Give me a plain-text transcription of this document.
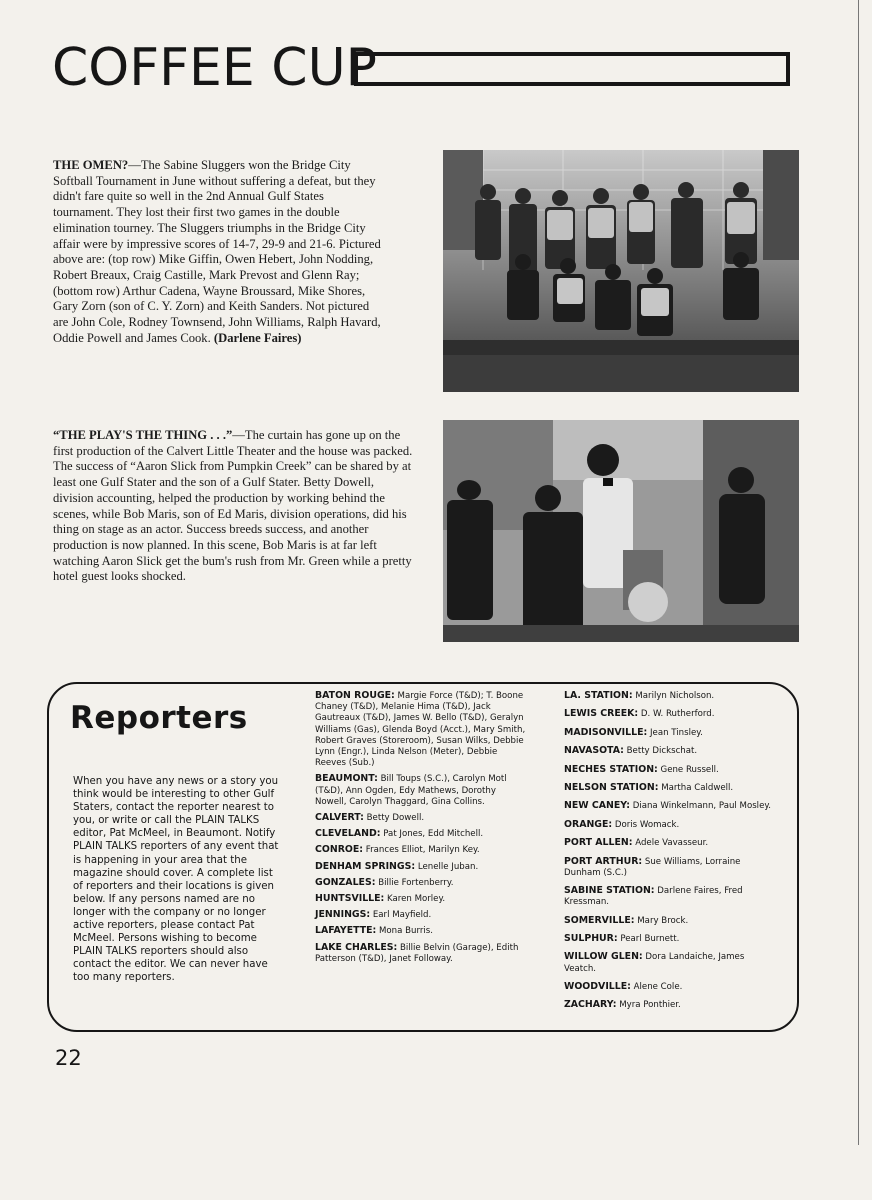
COFFEE CUP

THE OMEN?—The Sabine Sluggers won the Bridge City Softball Tournament in June without suffering a defeat, but they didn't fare quite so well in the 2nd Annual Gulf States tournament. They lost their first two games in the double elimination tourney. The Sluggers triumphs in the Bridge City affair were by impressive scores of 14-7, 29-9 and 21-6. Pictured above are: (top row) Mike Giffin, Owen Hebert, John Nodding, Robert Breaux, Craig Castille, Mark Prevost and Glenn Ray; (bottom row) Arthur Cadena, Wayne Broussard, Mike Shores, Gary Zorn (son of C. Y. Zorn) and Keith Sanders. Not pictured are John Cole, Rodney Townsend, John Williams, Ralph Havard, Oddie Powell and James Cook. (Darlene Faires)

“THE PLAY'S THE THING . . .”—The curtain has gone up on the first production of the Calvert Little Theater and the house was packed. The success of “Aaron Slick from Pumpkin Creek” can be shared by at least one Gulf Stater and the son of a Gulf Stater. Betty Dowell, division accounting, helped the production by working behind the scenes, while Bob Maris, son of Ed Maris, division operations, did his thing on stage as an actor. Success breeds success, and another production is now planned. In this scene, Bob Maris is at far left watching Aaron Slick get the bum's rush from Mr. Green while a pretty hotel guest looks shocked.

Reporters

When you have any news or a story you think would be interesting to other Gulf Staters, contact the reporter nearest to you, or write or call the PLAIN TALKS editor, Pat McMeel, in Beaumont. Notify PLAIN TALKS reporters of any event that is happening in your area that the magazine should cover. A complete list of reporters and their locations is given below. If any persons named are no longer with the company or no longer active reporters, please contact Pat McMeel. Persons wishing to become PLAIN TALKS reporters should also contact the editor. We can never have too many reporters.

BATON ROUGE: Margie Force (T&D); T. Boone Chaney (T&D), Melanie Hima (T&D), Jack Gautreaux (T&D), James W. Bello (T&D), Geralyn Williams (Gas), Glenda Boyd (Acct.), Mary Smith, Robert Graves (Storeroom), Susan Wilks, Debbie Lynn (Engr.), Linda Nelson (Meter), Debbie Reeves (Sub.)

BEAUMONT: Bill Toups (S.C.), Carolyn Motl (T&D), Ann Ogden, Edy Mathews, Dorothy Nowell, Carolyn Thaggard, Gina Collins.

CALVERT: Betty Dowell.

CLEVELAND: Pat Jones, Edd Mitchell.

CONROE: Frances Elliot, Marilyn Key.

DENHAM SPRINGS: Lenelle Juban.

GONZALES: Billie Fortenberry.

HUNTSVILLE: Karen Morley.

JENNINGS: Earl Mayfield.

LAFAYETTE: Mona Burris.

LAKE CHARLES: Billie Belvin (Garage), Edith Patterson (T&D), Janet Followay.

LA. STATION: Marilyn Nicholson.

LEWIS CREEK: D. W. Rutherford.

MADISONVILLE: Jean Tinsley.

NAVASOTA: Betty Dickschat.

NECHES STATION: Gene Russell.

NELSON STATION: Martha Caldwell.

NEW CANEY: Diana Winkelmann, Paul Mosley.

ORANGE: Doris Womack.

PORT ALLEN: Adele Vavasseur.

PORT ARTHUR: Sue Williams, Lorraine Dunham (S.C.)

SABINE STATION: Darlene Faires, Fred Kressman.

SOMERVILLE: Mary Brock.

SULPHUR: Pearl Burnett.

WILLOW GLEN: Dora Landaiche, James Veatch.

WOODVILLE: Alene Cole.

ZACHARY: Myra Ponthier.

22
